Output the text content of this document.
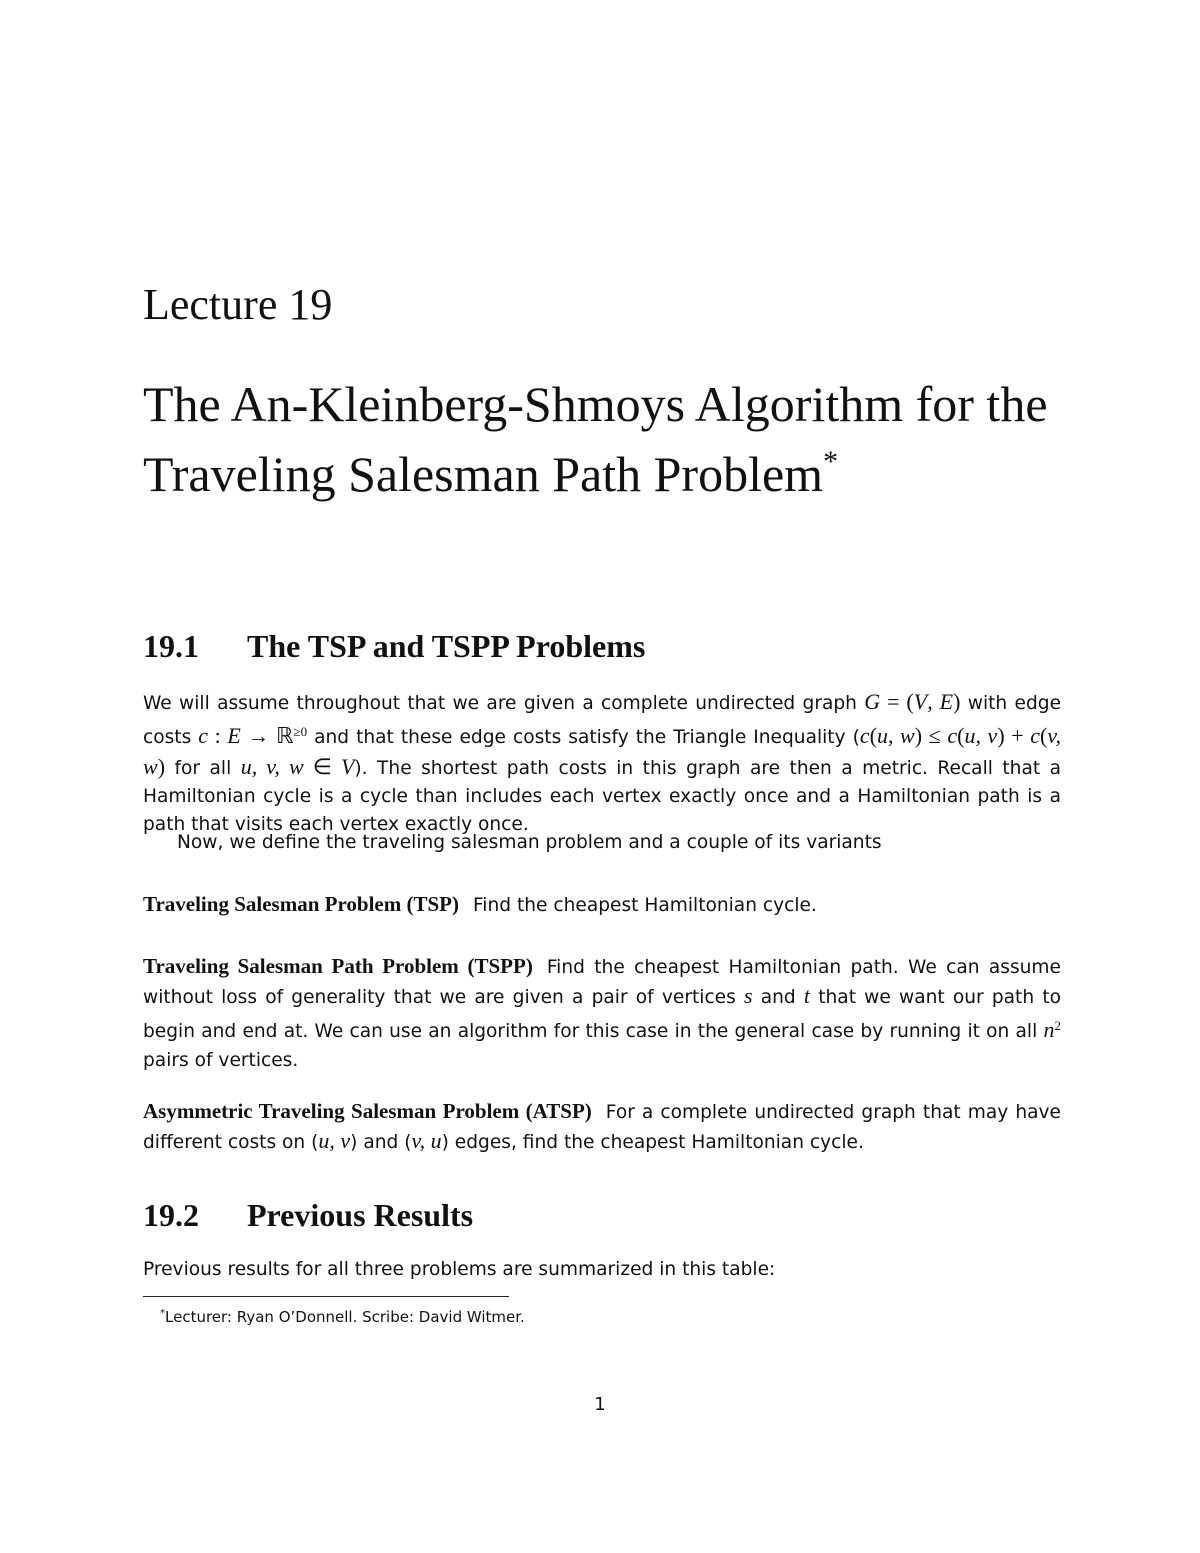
Lecture 19
The An-Kleinberg-Shmoys Algorithm for the Traveling Salesman Path Problem*
19.1 The TSP and TSPP Problems

We will assume throughout that we are given a complete undirected graph G = (V, E) with edge costs c : E → ℝ$^{\ge 0}$ and that these edge costs satisfy the Triangle Inequality (c(u, w) ≤ c(u, v) + c(v, w) for all u, v, w ∈ V). The shortest path costs in this graph are then a metric. Recall that a Hamiltonian cycle is a cycle than includes each vertex exactly once and a Hamiltonian path is a path that visits each vertex exactly once.

Now, we define the traveling salesman problem and a couple of its variants

Traveling Salesman Problem (TSP) Find the cheapest Hamiltonian cycle.

Traveling Salesman Path Problem (TSPP) Find the cheapest Hamiltonian path. We can assume without loss of generality that we are given a pair of vertices s and t that we want our path to begin and end at. We can use an algorithm for this case in the general case by running it on all $n^2$ pairs of vertices.

Asymmetric Traveling Salesman Problem (ATSP) For a complete undirected graph that may have different costs on (u, v) and (v, u) edges, find the cheapest Hamiltonian cycle.

19.2 Previous Results

Previous results for all three problems are summarized in this table:

*Lecturer: Ryan O’Donnell. Scribe: David Witmer.
1
